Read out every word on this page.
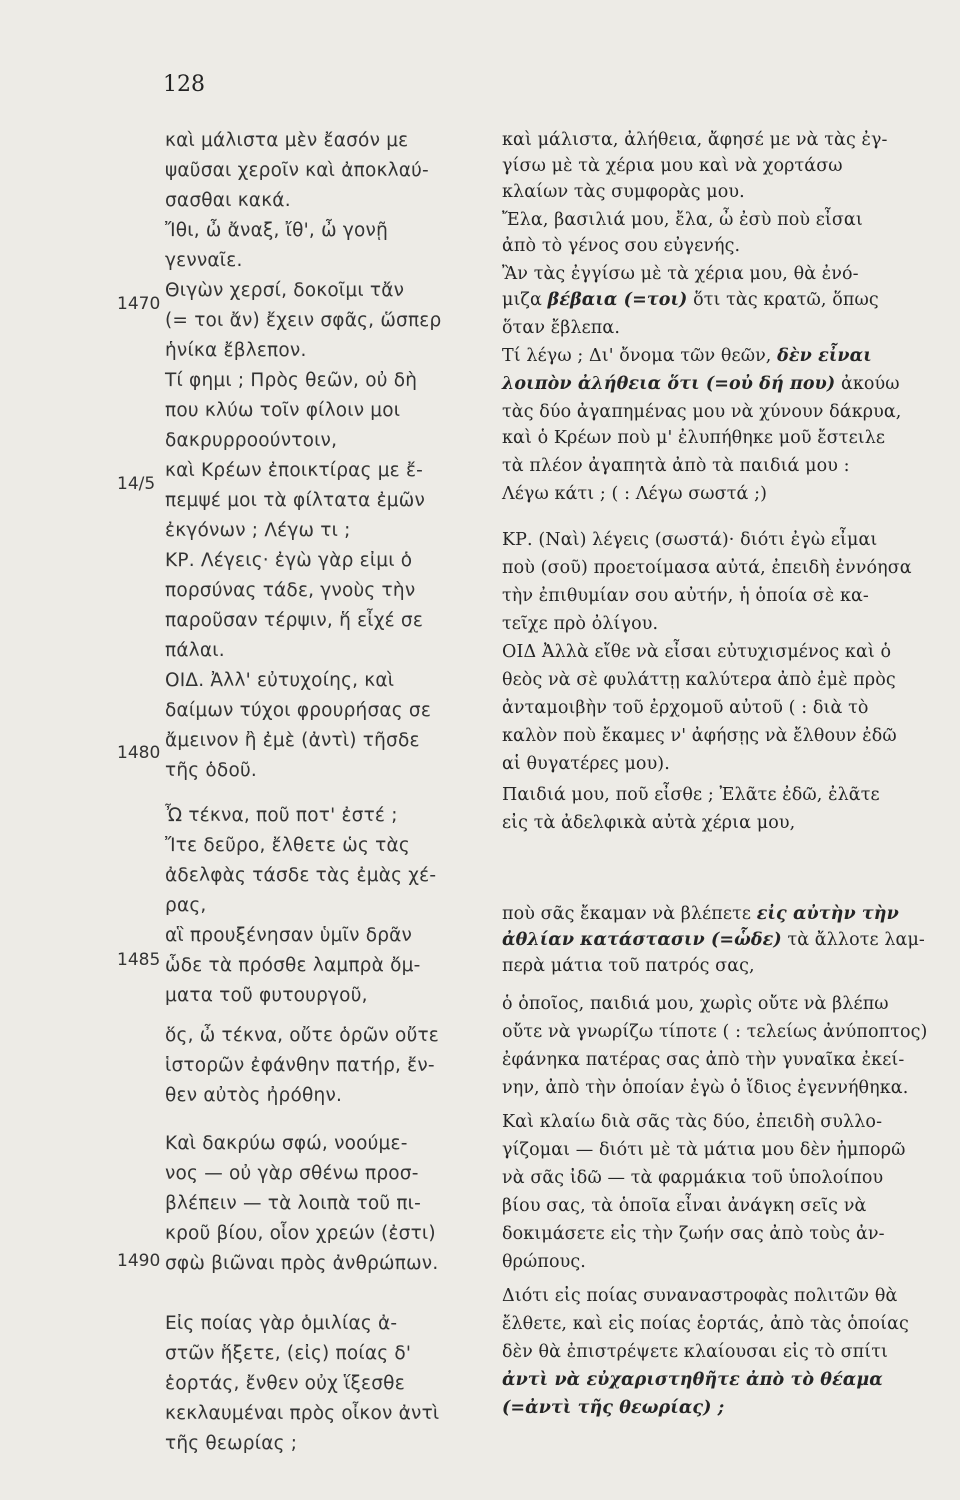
128
1470
14/5
1480
1485
1490
καὶ μάλιστα μὲν ἔασόν με
ψαῦσαι χεροῖν καὶ ἀποκλαύ-
σασθαι κακά.
Ἴθι, ὦ ἄναξ, ἴθ', ὦ γονῇ
γενναῖε.
Θιγὼν χερσί, δοκοῖμι τἄν
(= τοι ἄν) ἔχειν σφᾶς, ὥσπερ
ἡνίκα ἔβλεπον.
Τί φημι ; Πρὸς θεῶν, οὐ δὴ
που κλύω τοῖν φίλοιν μοι
δακρυρροούντοιν,
καὶ Κρέων ἐποικτίρας με ἔ-
πεμψέ μοι τὰ φίλτατα ἐμῶν
ἐκγόνων ; Λέγω τι ;
ΚΡ. Λέγεις· ἐγὼ γὰρ εἰμι ὁ
πορσύνας τάδε, γνοὺς τὴν
παροῦσαν τέρψιν, ἥ εἶχέ σε
πάλαι.
ΟΙΔ. Ἀλλ' εὐτυχοίης, καὶ
δαίμων τύχοι φρουρήσας σε
ἄμεινον ἢ ἐμὲ (ἀντὶ) τῆσδε
τῆς ὁδοῦ.
Ὦ τέκνα, ποῦ ποτ' ἐστέ ;
Ἴτε δεῦρο, ἔλθετε ὡς τὰς
ἀδελφὰς τάσδε τὰς ἐμὰς χέ-
ρας,
αἳ προυξένησαν ὑμῖν δρᾶν
ὧδε τὰ πρόσθε λαμπρὰ ὄμ-
ματα τοῦ φυτουργοῦ,
ὅς, ὦ τέκνα, οὔτε ὁρῶν οὔτε
ἱστορῶν ἐφάνθην πατήρ, ἔν-
θεν αὐτὸς ἠρόθην.
Καὶ δακρύω σφώ, νοούμε-
νος — οὐ γὰρ σθένω προσ-
βλέπειν — τὰ λοιπὰ τοῦ πι-
κροῦ βίου, οἷον χρεών (ἐστι)
σφὼ βιῶναι πρὸς ἀνθρώπων.
Εἰς ποίας γὰρ ὁμιλίας ἀ-
στῶν ἥξετε, (εἰς) ποίας δ'
ἑορτάς, ἔνθεν οὐχ ἵξεσθε
κεκλαυμέναι πρὸς οἶκον ἀντὶ
τῆς θεωρίας ;
καὶ μάλιστα, ἀλήθεια, ἄφησέ με νὰ τὰς ἐγ-
γίσω μὲ τὰ χέρια μου καὶ νὰ χορτάσω
κλαίων τὰς συμφορὰς μου.
Ἔλα, βασιλιά μου, ἔλα, ὦ ἐσὺ ποὺ εἶσαι
ἀπὸ τὸ γένος σου εὐγενής.
Ἂν τὰς ἐγγίσω μὲ τὰ χέρια μου, θὰ ἐνό-
μιζα βέβαια (=τοι) ὅτι τὰς κρατῶ, ὅπως
ὅταν ἔβλεπα.
Τί λέγω ; Δι' ὄνομα τῶν θεῶν, δὲν εἶναι
λοιπὸν ἀλήθεια ὅτι (=οὐ δή που) ἀκούω
τὰς δύο ἀγαπημένας μου νὰ χύνουν δάκρυα,
καὶ ὁ Κρέων ποὺ μ' ἐλυπήθηκε μοῦ ἔστειλε
τὰ πλέον ἀγαπητὰ ἀπὸ τὰ παιδιά μου :
Λέγω κάτι ; ( : Λέγω σωστά ;)
ΚΡ. (Ναὶ) λέγεις (σωστά)· διότι ἐγὼ εἶμαι
ποὺ (σοῦ) προετοίμασα αὐτά, ἐπειδὴ ἐννόησα
τὴν ἐπιθυμίαν σου αὐτήν, ἡ ὁποία σὲ κα-
τεῖχε πρὸ ὀλίγου.
ΟΙΔ Ἀλλὰ εἴθε νὰ εἶσαι εὐτυχισμένος καὶ ὁ
θεὸς νὰ σὲ φυλάττῃ καλύτερα ἀπὸ ἐμὲ πρὸς
ἀνταμοιβὴν τοῦ ἐρχομοῦ αὐτοῦ ( : διὰ τὸ
καλὸν ποὺ ἔκαμες ν' ἀφήσῃς νὰ ἔλθουν ἐδῶ
αἱ θυγατέρες μου).
Παιδιά μου, ποῦ εἶσθε ; Ἐλᾶτε ἐδῶ, ἐλᾶτε
εἰς τὰ ἀδελφικὰ αὐτὰ χέρια μου,
ποὺ σᾶς ἔκαμαν νὰ βλέπετε εἰς αὐτὴν τὴν
ἀθλίαν κατάστασιν (=ὧδε) τὰ ἄλλοτε λαμ-
περὰ μάτια τοῦ πατρός σας,
ὁ ὁποῖος, παιδιά μου, χωρὶς οὔτε νὰ βλέπω
οὔτε νὰ γνωρίζω τίποτε ( : τελείως ἀνύποπτος)
ἐφάνηκα πατέρας σας ἀπὸ τὴν γυναῖκα ἐκεί-
νην, ἀπὸ τὴν ὁποίαν ἐγὼ ὁ ἴδιος ἐγεννήθηκα.
Καὶ κλαίω διὰ σᾶς τὰς δύο, ἐπειδὴ συλλο-
γίζομαι — διότι μὲ τὰ μάτια μου δὲν ἠμπορῶ
νὰ σᾶς ἰδῶ — τὰ φαρμάκια τοῦ ὑπολοίπου
βίου σας, τὰ ὁποῖα εἶναι ἀνάγκη σεῖς νὰ
δοκιμάσετε εἰς τὴν ζωήν σας ἀπὸ τοὺς ἀν-
θρώπους.
Διότι εἰς ποίας συναναστροφὰς πολιτῶν θὰ
ἔλθετε, καὶ εἰς ποίας ἑορτάς, ἀπὸ τὰς ὁποίας
δὲν θὰ ἐπιστρέψετε κλαίουσαι εἰς τὸ σπίτι
ἀντὶ νὰ εὐχαριστηθῆτε ἀπὸ τὸ θέαμα
(=ἀντὶ τῆς θεωρίας) ;
